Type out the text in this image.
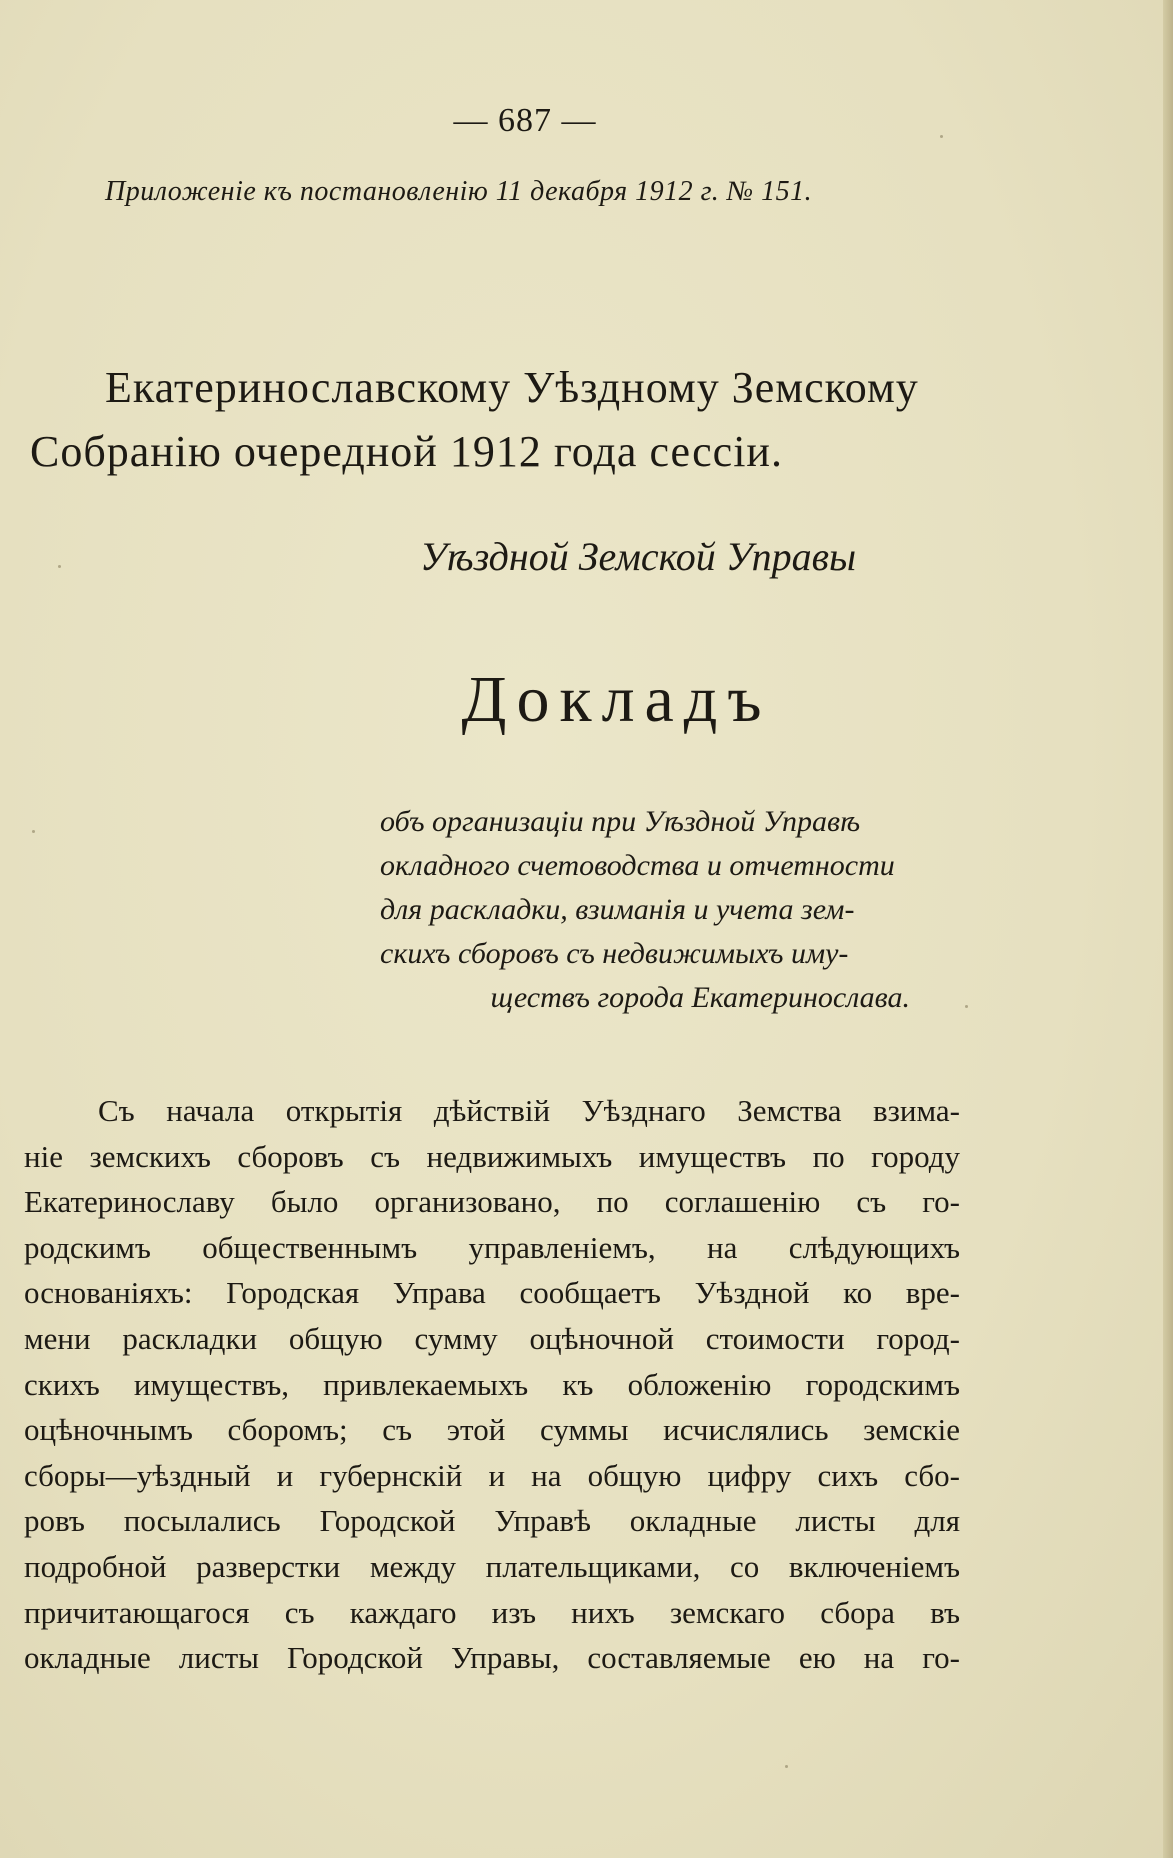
— 687 —
Приложеніе къ постановленію 11 декабря 1912 г. № 151.
Екатеринославскому Уѣздному Земскому
Собранію очередной 1912 года сессіи.
Уѣздной Земской Управы
Докладъ
объ организаціи при Уѣздной Управѣ
окладного счетоводства и отчетности
для раскладки, взиманія и учета зем-
скихъ сборовъ съ недвижимыхъ иму-
ществъ города Екатеринослава.
Съ начала открытія дѣйствій Уѣзднаго Земства взима-
ніе земскихъ сборовъ съ недвижимыхъ имуществъ по городу
Екатеринославу было организовано, по соглашенію съ го-
родскимъ общественнымъ управленіемъ, на слѣдующихъ
основаніяхъ: Городская Управа сообщаетъ Уѣздной ко вре-
мени раскладки общую сумму оцѣночной стоимости город-
скихъ имуществъ, привлекаемыхъ къ обложенію городскимъ
оцѣночнымъ сборомъ; съ этой суммы исчислялись земскіе
сборы—уѣздный и губернскій и на общую цифру сихъ сбо-
ровъ посылались Городской Управѣ окладные листы для
подробной разверстки между плательщиками, со включеніемъ
причитающагося съ каждаго изъ нихъ земскаго сбора въ
окладные листы Городской Управы, составляемые ею на го-
